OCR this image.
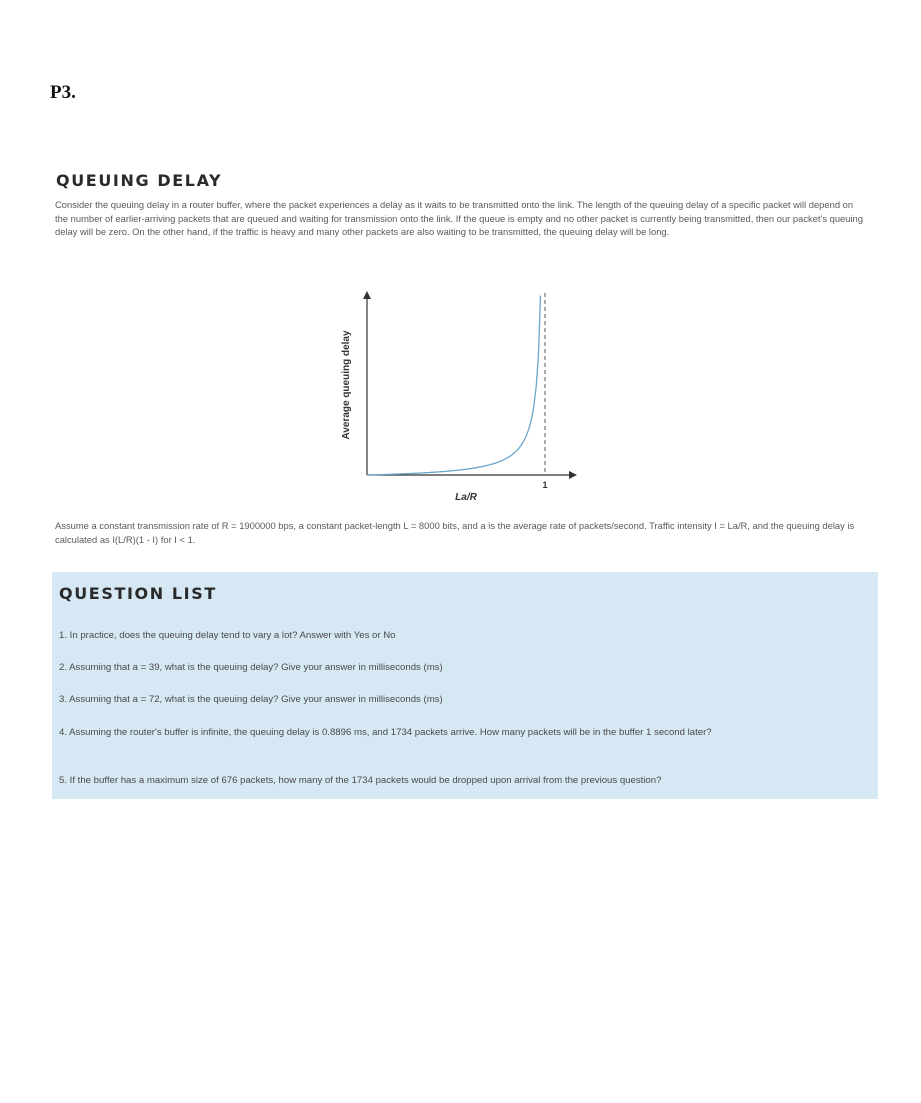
P3.
QUEUING DELAY
Consider the queuing delay in a router buffer, where the packet experiences a delay as it waits to be transmitted onto the link. The length of the queuing delay of a specific packet will depend on the number of earlier-arriving packets that are queued and waiting for transmission onto the link. If the queue is empty and no other packet is currently being transmitted, then our packet's queuing delay will be zero. On the other hand, if the traffic is heavy and many other packets are also waiting to be transmitted, the queuing delay will be long.
Average queuing delay
La/R
1
Assume a constant transmission rate of R = 1900000 bps, a constant packet-length L = 8000 bits, and a is the average rate of packets/second. Traffic intensity I = La/R, and the queuing delay is calculated as I(L/R)(1 - I) for I < 1.
QUESTION LIST
1. In practice, does the queuing delay tend to vary a lot? Answer with Yes or No
2. Assuming that a = 39, what is the queuing delay? Give your answer in milliseconds (ms)
3. Assuming that a = 72, what is the queuing delay? Give your answer in milliseconds (ms)
4. Assuming the router's buffer is infinite, the queuing delay is 0.8896 ms, and 1734 packets arrive. How many packets will be in the buffer 1 second later?
5. If the buffer has a maximum size of 676 packets, how many of the 1734 packets would be dropped upon arrival from the previous question?
